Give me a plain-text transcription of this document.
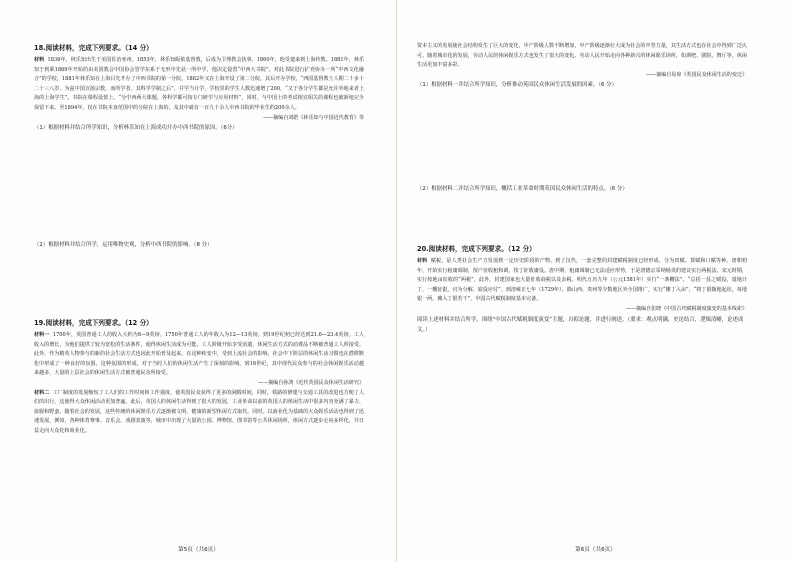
18.阅读材料，完成下列要求。（14 分）

材料 1836年，林乐知出生于美国佐治亚州。1853年，林乐知皈依基督教，后成为卫理教会执事。1860年，他受遣来到上海传教。1881年，林乐知于到职1869年开始的由美国教会中国协会管学东系于无形中先获一所中学，他决定设置“中西大书院”，对此书院进行扩充协办一所“中西文化融合”的学校，1881年林乐知在上海目先开办了中西书院的第一分院。1882年又在上海开设了第二分院，其后开办学校，“西国基督教士人期二十多十二十三八岁，为兹中国宣扬宗教，而所学者，其科学学制之后”，并学当月学，学校里的学生人数迅速增了200，“又于各分学生都是允许外地来者上海的上海学生”。书院在课程设置上，“分中西两大课题，各科学都可按专门研学与应用材料”，同时，与中国士的考试相宜相关的课程也被新地完全保留下来。至1894年，仅在书院本身范围中的分院在上海的，及其中就有一百九十余人中西书院的毕业生约200余人。

——摘编自刘皓《林乐知与中国近代教育》等

（1）根据材料并结合所学知识，分析林乐知在上海成功开办中西书院的原因。（6分）

（2）根据材料并结合所学，运用唯物史观，分析中西书院的影响。（8 分）

19.阅读材料，完成下列要求。（12 分）

材料一 1700年，英国普通工人的收入大约为8—9英镑，1750年普通工人的年收入为12—13英镑，到19世纪初已经达到21.6—23.4英镑。工人收入的增长，为他们提供了较为宽松的生活条件，使得休闲生活成为可能。工人阶级开始享受消遣，休闲生活方式的消费品不断被普通工人所接受。此外，作为精英人物参与的新的社会生活方式也因此开始普及起来。在这种转变中，受到上流社会的影响，社会中下阶层的休闲生活习惯也在潜移默化中形成了一种良好的氛围，这种氛围的形成，对于当时人们的休闲生活产生了深刻的影响。到18世纪，其中现代民众参与的社会休闲娱乐活动越来越多，大量的上层社会的休闲生活方式被普通民众所接受。

——摘编自孙鸿《近代英国民众休闲生活研究》

材料二 工厂制度的发展缩短了工人们的工作时间和工作强度，使英国民众获得了更多的闲暇时间，同时，铁路的修建与交通工具的改进也方便了人们的出行，这使得大众休闲活动更加普遍。此后，英国人的休闲生活得到了很大的发展，工业革命以前的英国人的休闲生活中很多内容充满了暴力、血腥和野蛮，随着社会的发展，这些传统的休闲娱乐方式逐渐被文明、健康的新型休闲方式取代。同时，以商业化为基础的大众娱乐活动也得到了迅速发展，例如，各种体育赛事、音乐会、戏剧表演等，城市中出现了大量的公园、博物馆、图书馆等公共休闲场所，休闲方式逐步走向多样化，并日益走向大众化和商业化。

第5页（共6页）

资本主义的发展使社会结构发生了巨大的变化，中产阶级人数不断增加，中产阶级逐渐壮大成为社会的中坚力量，其生活方式也在社会中得到广泛认可。随着城市化的发展，劳动人民的休闲娱乐方式也发生了很大的变化。劳动人民开始走向各种新兴的休闲娱乐场所，如酒吧、剧院、舞厅等，休闲生活更加丰富多彩。

——摘编自易琼《英国民众休闲生活的变迁》

（1）根据材料一并结合所学知识，分析推动英国民众休闲生活发展的因素。（6 分）

（2）根据材料二并结合所学知识，概括工业革命时期英国民众休闲生活的特点。（6 分）

20.阅读材料，完成下列要求。（12 分）

材料 赋税，是人类社会生产力发展到一定历史阶段的产物。到了汉代，一套完整的封建赋税制度已经形成，分为田赋、算赋和口赋等种。唐朝初年，开始实行租庸调制，按户征收租和调，按丁征收庸役。唐中期，租庸调制已无法适应形势，于是唐德宗采纳杨炎的建议实行两税法。宋元时期，实行按地亩征收的“两税”，此外，封建国家也大量征收商税以及杂税。明代万历九年（公元1581年）实行“一条鞭法”，“总括一县之赋役，量地计丁，一概征银，官为分解，雇役应付”。到清雍正七年（1729年），除山西、贵州等少数地区外全国推广，实行“摊丁入亩”，“将丁银随地起征，每地银一两，摊入丁银若干”，中国古代赋税制度基本完备。

——摘编自张晓《中国古代赋税制度演变的基本线索》

阅读上述材料并结合所学，围绕“中国古代赋税制度演变”主题，自拟论题，并进行阐述。（要求：观点明确，史论结合，逻辑清晰，论述成文。）

第6页（共6页）
